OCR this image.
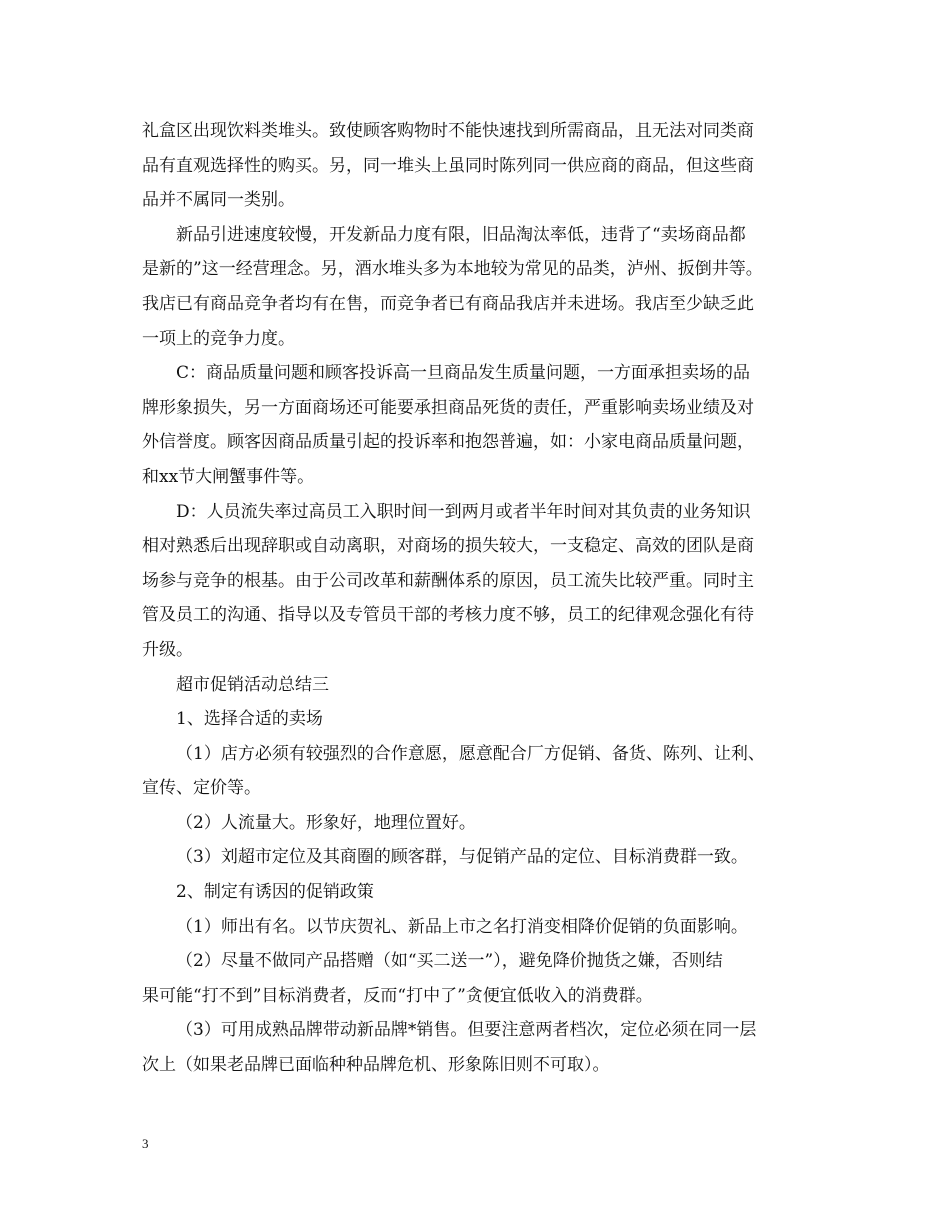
礼盒区出现饮料类堆头。致使顾客购物时不能快速找到所需商品，且无法对同类商
品有直观选择性的购买。另，同一堆头上虽同时陈列同一供应商的商品，但这些商
品并不属同一类别。
新品引进速度较慢，开发新品力度有限，旧品淘汰率低，违背了“卖场商品都
是新的”这一经营理念。另，酒水堆头多为本地较为常见的品类，泸州、扳倒井等。
我店已有商品竞争者均有在售，而竞争者已有商品我店并未进场。我店至少缺乏此
一项上的竞争力度。
C：商品质量问题和顾客投诉高一旦商品发生质量问题，一方面承担卖场的品
牌形象损失，另一方面商场还可能要承担商品死货的责任，严重影响卖场业绩及对
外信誉度。顾客因商品质量引起的投诉率和抱怨普遍，如：小家电商品质量问题，
和xx节大闸蟹事件等。
D：人员流失率过高员工入职时间一到两月或者半年时间对其负责的业务知识
相对熟悉后出现辞职或自动离职，对商场的损失较大，一支稳定、高效的团队是商
场参与竞争的根基。由于公司改革和薪酬体系的原因，员工流失比较严重。同时主
管及员工的沟通、指导以及专管员干部的考核力度不够，员工的纪律观念强化有待
升级。
超市促销活动总结三
1、选择合适的卖场
（1）店方必须有较强烈的合作意愿，愿意配合厂方促销、备货、陈列、让利、
宣传、定价等。
（2）人流量大。形象好，地理位置好。
（3）刘超市定位及其商圈的顾客群，与促销产品的定位、目标消费群一致。
2、制定有诱因的促销政策
（1）师出有名。以节庆贺礼、新品上市之名打消变相降价促销的负面影响。
（2）尽量不做同产品搭赠（如“买二送一”），避免降价抛货之嫌，否则结
果可能“打不到”目标消费者，反而“打中了”贪便宜低收入的消费群。
（3）可用成熟品牌带动新品牌*销售。但要注意两者档次，定位必须在同一层
次上（如果老品牌已面临种种品牌危机、形象陈旧则不可取）。
3
